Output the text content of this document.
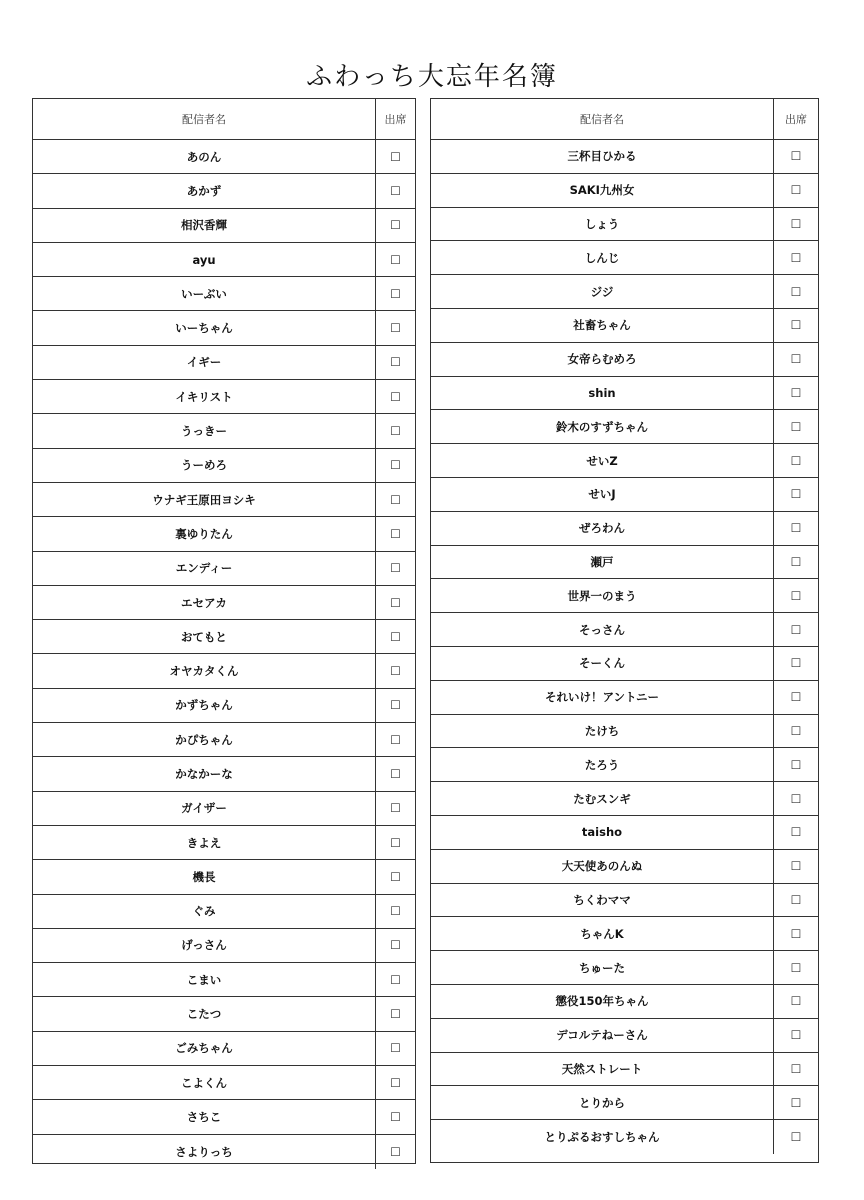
ふわっち大忘年名簿
配信者名	出席
あのん	☐
あかず	☐
相沢香輝	☐
ayu	☐
いーぶい	☐
いーちゃん	☐
イギー	☐
イキリスト	☐
うっきー	☐
うーめろ	☐
ウナギ王原田ヨシキ	☐
裏ゆりたん	☐
エンディー	☐
エセアカ	☐
おてもと	☐
オヤカタくん	☐
かずちゃん	☐
かぴちゃん	☐
かなかーな	☐
ガイザー	☐
きよえ	☐
機長	☐
ぐみ	☐
げっさん	☐
こまい	☐
こたつ	☐
ごみちゃん	☐
こよくん	☐
さちこ	☐
さよりっち	☐
配信者名	出席
三杯目ひかる	☐
SAKI九州女	☐
しょう	☐
しんじ	☐
ジジ	☐
社畜ちゃん	☐
女帝らむめろ	☐
shin	☐
鈴木のすずちゃん	☐
せいZ	☐
せいJ	☐
ぜろわん	☐
瀬戸	☐
世界一のまう	☐
そっさん	☐
そーくん	☐
それいけ！アントニー	☐
たけち	☐
たろう	☐
たむスンギ	☐
taisho	☐
大天使あのんぬ	☐
ちくわママ	☐
ちゃんK	☐
ちゅーた	☐
懲役150年ちゃん	☐
デコルテねーさん	☐
天然ストレート	☐
とりから	☐
とりぷるおすしちゃん	☐
